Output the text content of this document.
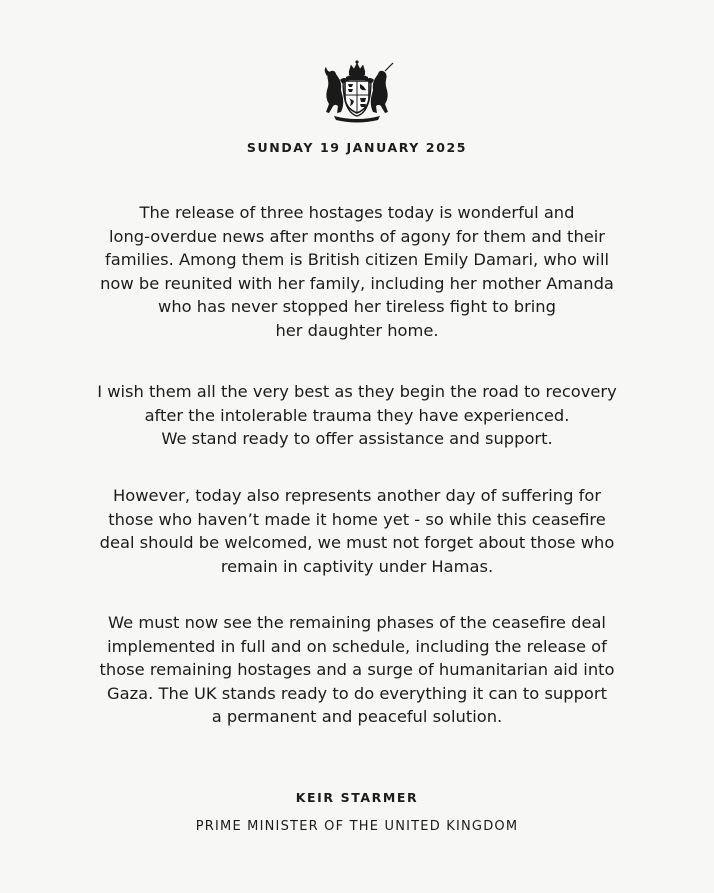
SUNDAY 19 JANUARY 2025

The release of three hostages today is wonderful and

long-overdue news after months of agony for them and their

families. Among them is British citizen Emily Damari, who will

now be reunited with her family, including her mother Amanda

who has never stopped her tireless fight to bring

her daughter home.

I wish them all the very best as they begin the road to recovery

after the intolerable trauma they have experienced.

We stand ready to offer assistance and support.

However, today also represents another day of suffering for

those who haven’t made it home yet - so while this ceasefire

deal should be welcomed, we must not forget about those who

remain in captivity under Hamas.

We must now see the remaining phases of the ceasefire deal

implemented in full and on schedule, including the release of

those remaining hostages and a surge of humanitarian aid into

Gaza. The UK stands ready to do everything it can to support

a permanent and peaceful solution.

KEIR STARMER
PRIME MINISTER OF THE UNITED KINGDOM
